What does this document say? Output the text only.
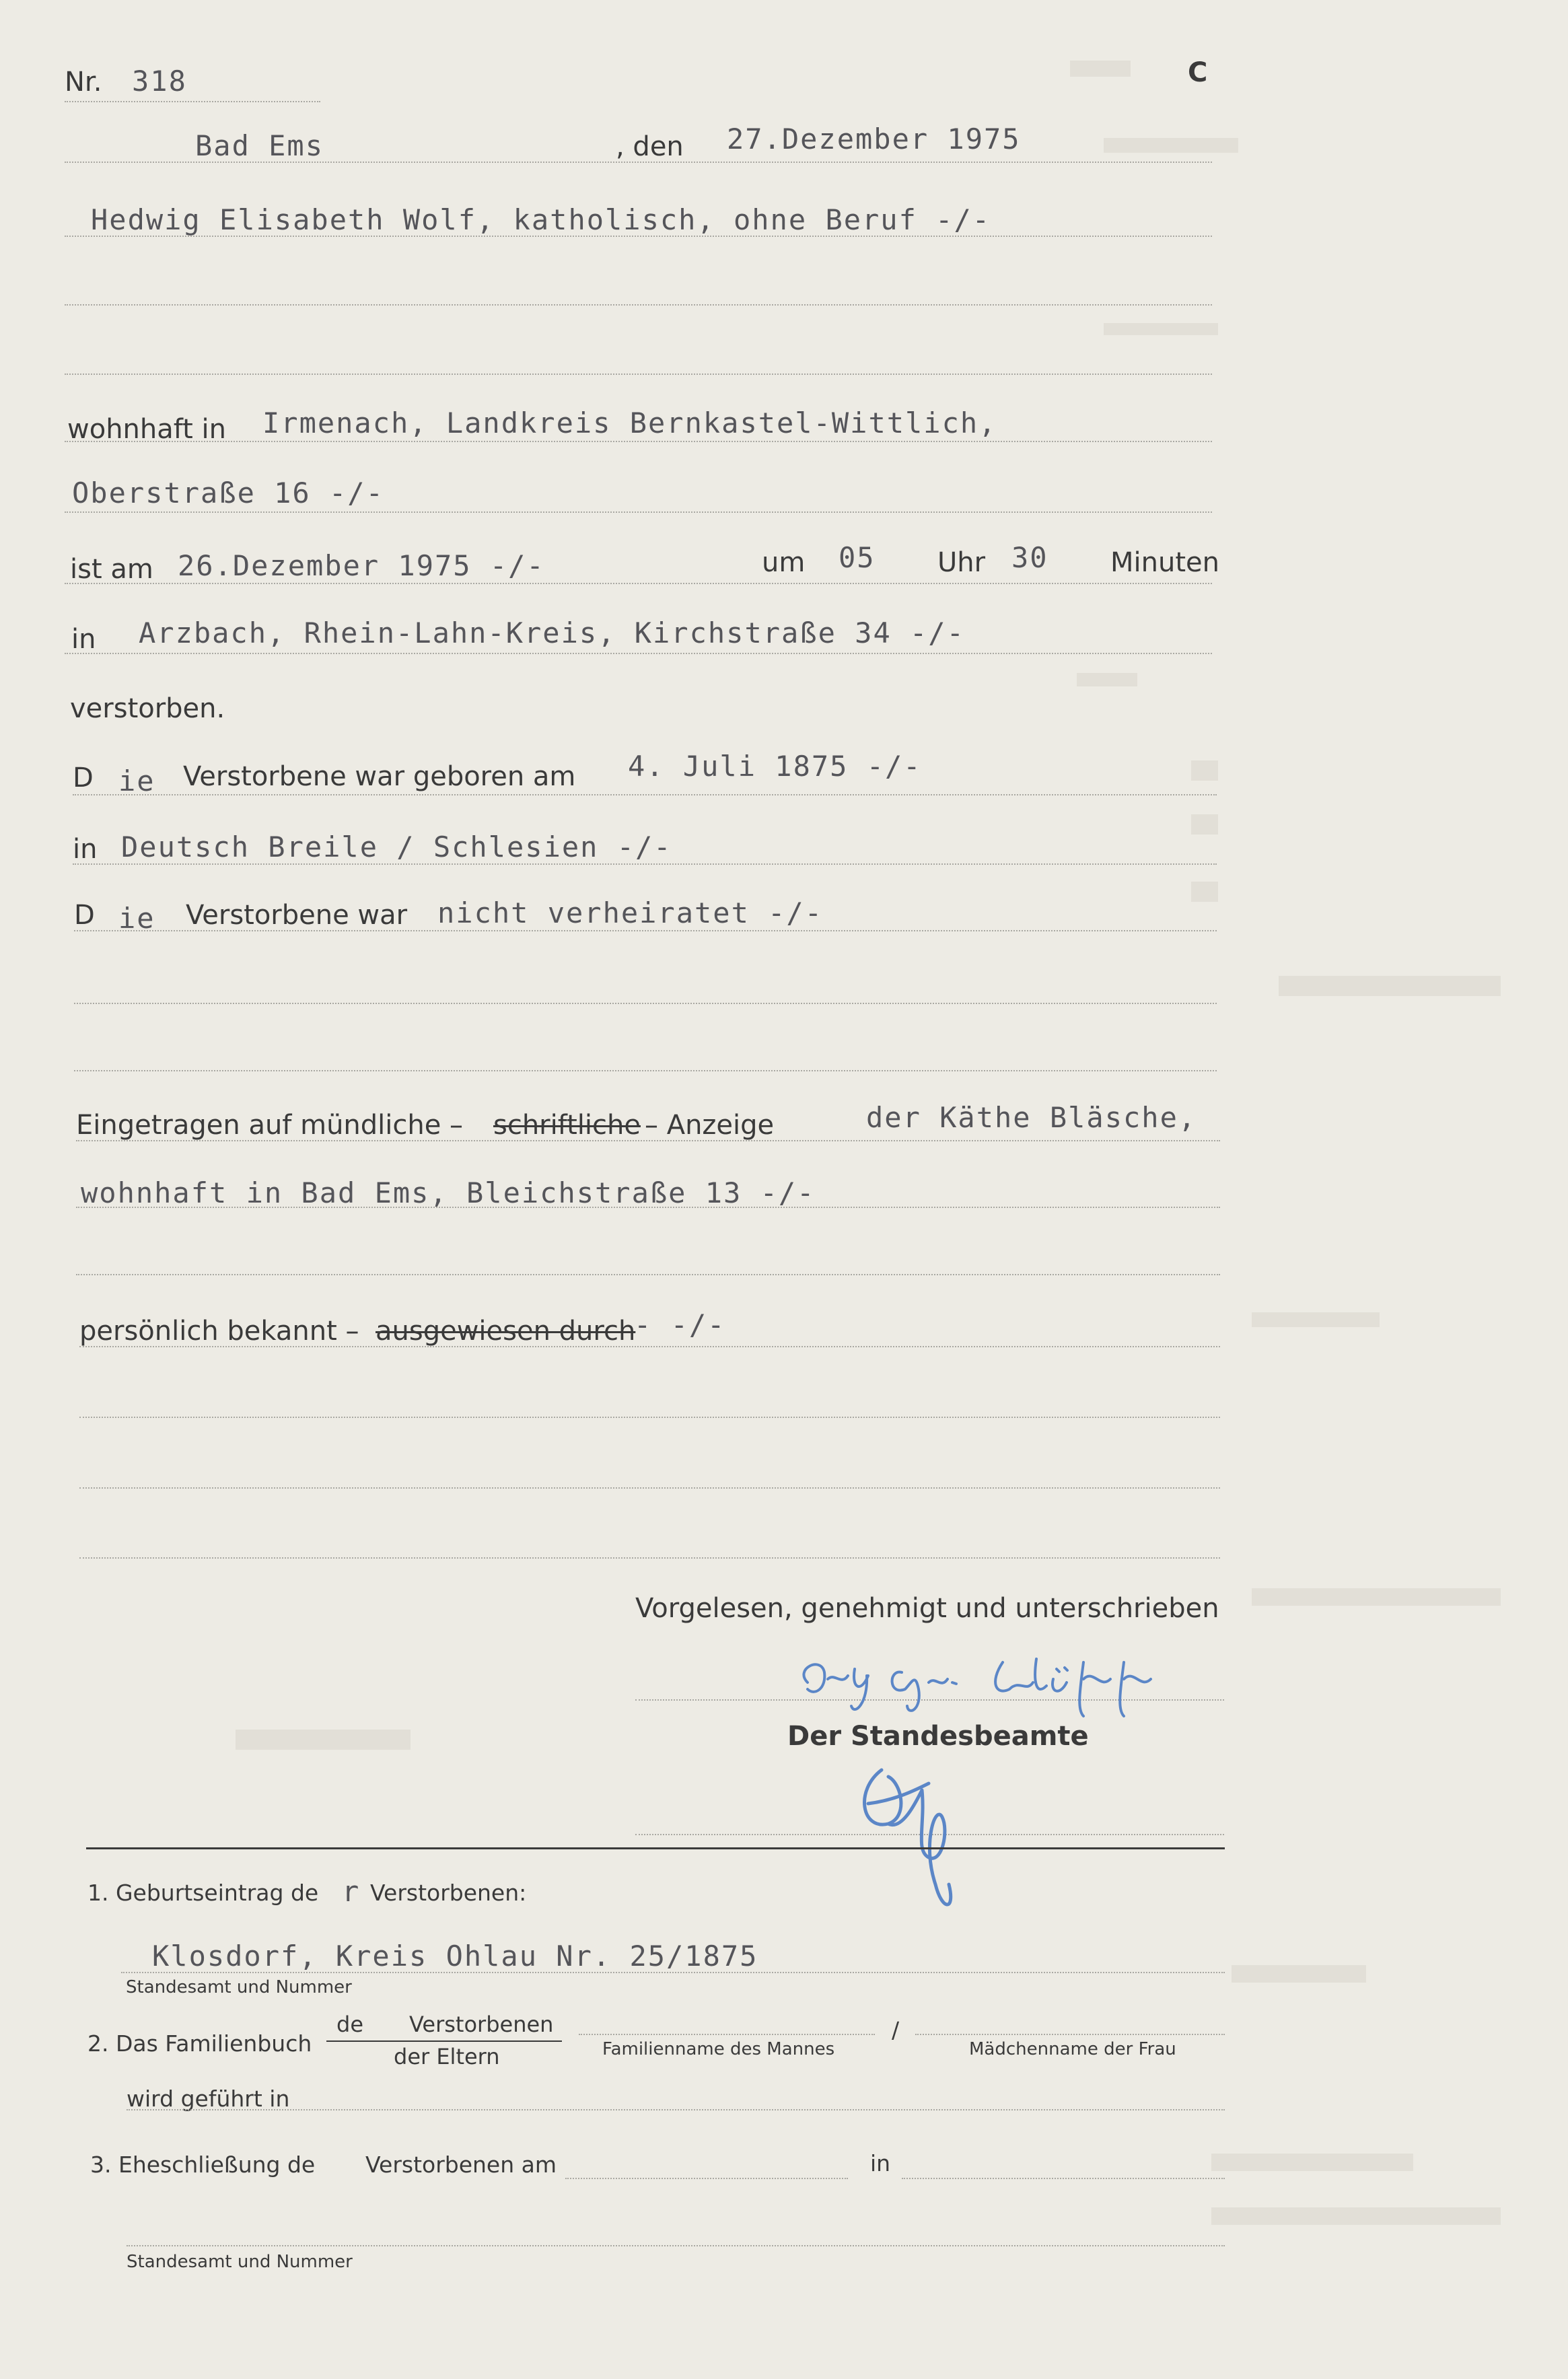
Nr. 318	C
Bad Ems	, den 27.Dezember 1975
Hedwig Elisabeth Wolf, katholisch, ohne Beruf -/-
wohnhaft in Irmenach, Landkreis Bernkastel-Wittlich,
Oberstraße 16 -/-
ist am 26.Dezember 1975 -/-	um 05 Uhr 30 Minuten
in Arzbach, Rhein-Lahn-Kreis, Kirchstraße 34 -/-
verstorben.
D ie Verstorbene war geboren am 4. Juli 1875 -/-
in Deutsch Breile / Schlesien -/-
D ie Verstorbene war nicht verheiratet -/-
Eingetragen auf mündliche – schriftliche – Anzeige	der Käthe Bläsche,
wohnhaft in Bad Ems, Bleichstraße 13 -/-
persönlich bekannt – ausgewiesen durch
- -/-
Vorgelesen, genehmigt und unterschrieben
Der Standesbeamte
1. Geburtseintrag de r Verstorbenen:
Klosdorf, Kreis Ohlau Nr. 25/1875
Standesamt und Nummer
2. Das Familienbuch
de Verstorbenen
der Eltern	Familienname des Mannes
/
Mädchenname der Frau
wird geführt in
3. Eheschließung de Verstorbenen am	in
Standesamt und Nummer
